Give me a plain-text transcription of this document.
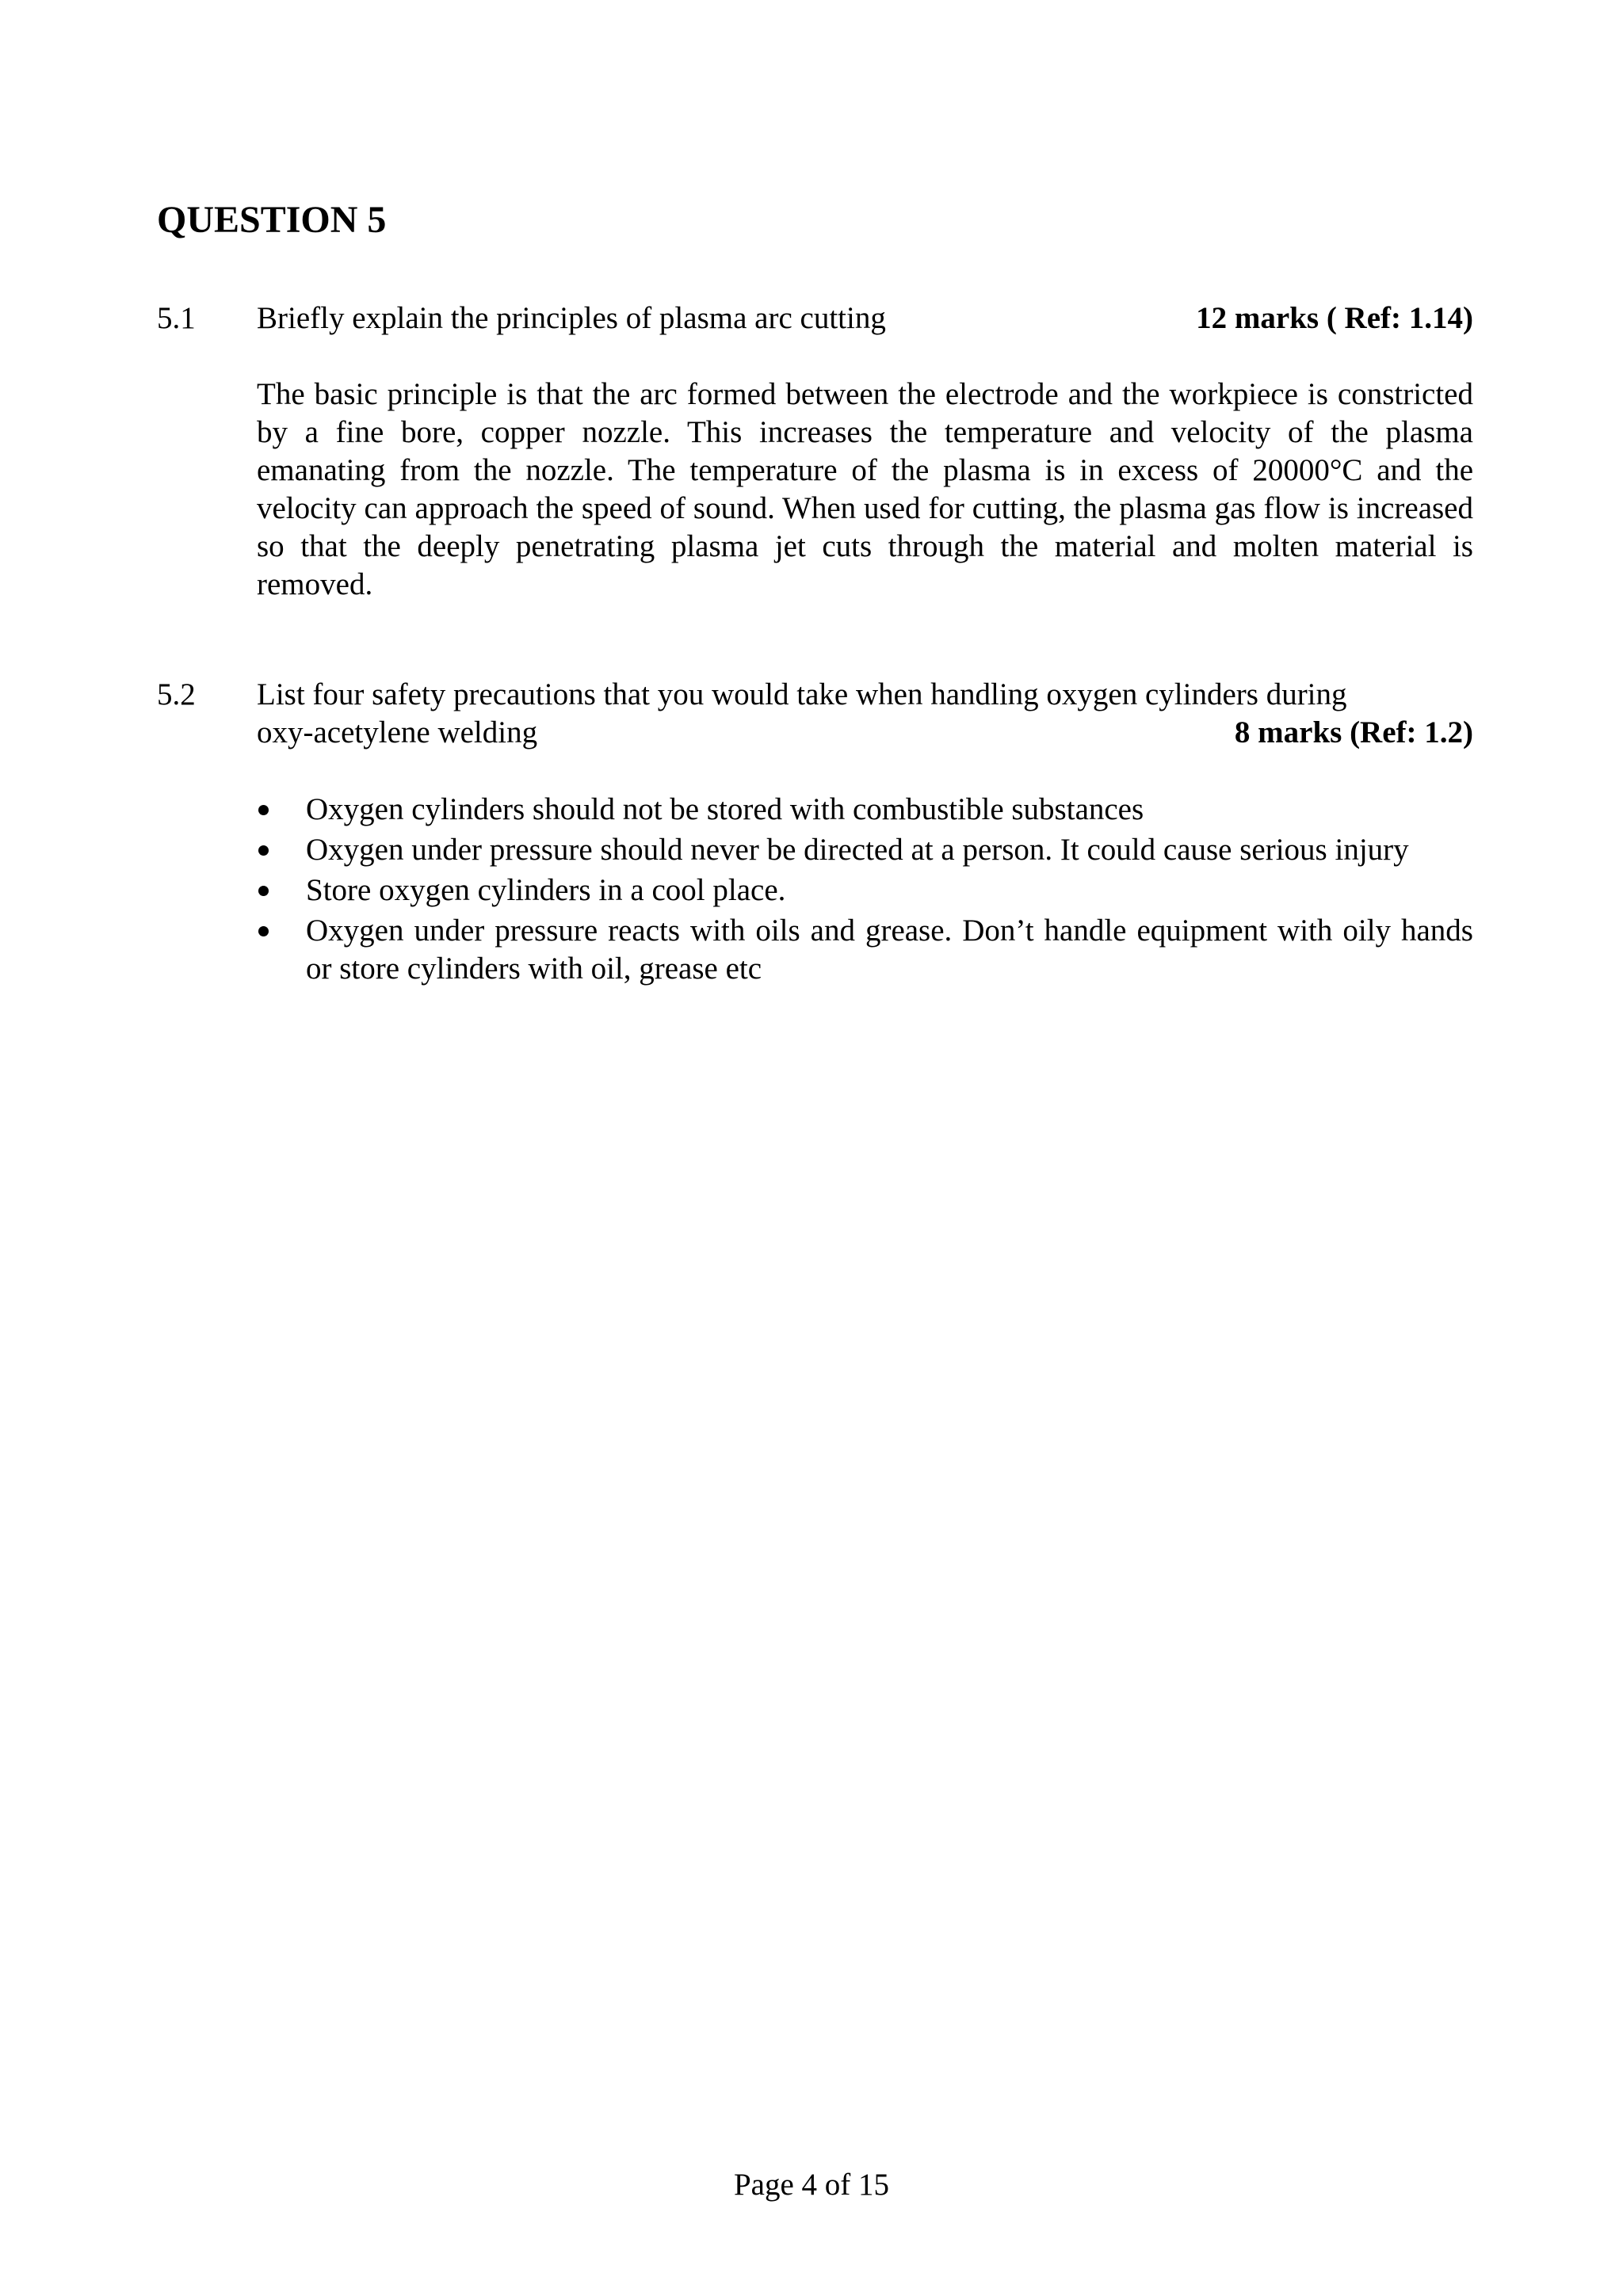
QUESTION 5
5.1 Briefly explain the principles of plasma arc cutting	12 marks ( Ref: 1.14)

The basic principle is that the arc formed between the electrode and the workpiece is constricted by a fine bore, copper nozzle. This increases the temperature and velocity of the plasma emanating from the nozzle. The temperature of the plasma is in excess of 20000°C and the velocity can approach the speed of sound. When used for cutting, the plasma gas flow is increased so that the deeply penetrating plasma jet cuts through the material and molten material is removed.

5.2 List four safety precautions that you would take when handling oxygen cylinders during
oxy-acetylene welding	8 marks (Ref: 1.2)
Oxygen cylinders should not be stored with combustible substances
Oxygen under pressure should never be directed at a person. It could cause serious injury
Store oxygen cylinders in a cool place.
Oxygen under pressure reacts with oils and grease. Don’t handle equipment with oily hands or store cylinders with oil, grease etc
Page 4 of 15
